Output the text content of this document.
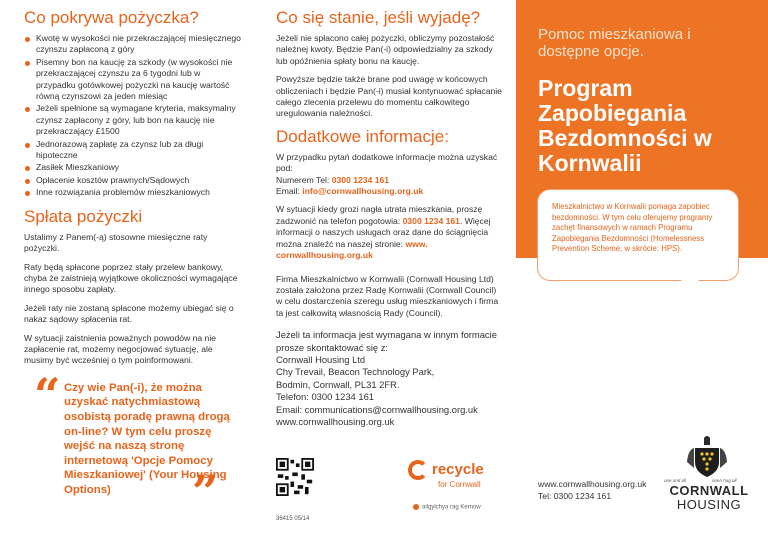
Co pokrywa pożyczka?
Kwotę w wysokości nie przekraczającej miesięcznego czynszu zapłaconą z góry
Pisemny bon na kaucję za szkody (w wysokości nie przekraczającej czynszu za 6 tygodni lub w przypadku gotówkowej pożyczki na kaucję wartość równą czynszowi za jeden miesiąc
Jeżeli spełnione są wymagane kryteria, maksymalny czynsz zapłacony z góry, lub bon na kaucję nie przekraczający £1500
Jednorazową zapłatę za czynsz lub za długi hipoteczne
Zasiłek Mieszkaniowy
Opłacenie kosztów prawnych/Sądowych
Inne rozwiązania problemów mieszkaniowych
Spłata pożyczki

Ustalimy z Panem(-ą) stosowne miesięczne raty pożyczki.

Raty będą spłacone poprzez stały przelew bankowy, chyba że zaistnieją wyjątkowe okoliczności wymagające innego sposobu zapłaty.

Jeżeli raty nie zostaną spłacone możemy ubiegać się o nakaz sądowy spłacenia rat.

W sytuacji zaistnienia poważnych powodów na nie zapłacenie rat, możemy negocjować sytuację, ale musimy być wcześniej o tym poinformowani.

“ Czy wie Pan(-i), że można uzyskać natychmiastową osobistą poradę prawną drogą on-line? W tym celu proszę wejść na naszą stronę internetową 'Opcje Pomocy Mieszkaniowej' (Your Housing Options)	”
Co się stanie, jeśli wyjadę?

Jeżeli nie spłacono całej pożyczki, obliczymy pozostałość należnej kwoty. Będzie Pan(-i) odpowiedzialny za szkody lub opóźnienia spłaty bonu na kaucję.

Powyższe będzie także brane pod uwagę w końcowych obliczeniach i będzie Pan(-i) musiał kontynuować spłacanie całego zlecenia przelewu do momentu całkowitego uregulowania należności.

Dodatkowe informacje:

W przypadku pytań dodatkowe informacje można uzyskać pod:
Numerem Tel: 0300 1234 161
Email: info@cornwallhousing.org.uk

W sytuacji kiedy grozi nagła utrata mieszkania, proszę zadzwonić na telefon pogotowia: 0300 1234 161. Więcej informacji o naszych usługach oraz dane do ściągnięcia można znaleźć na naszej stronie: www. cornwallhousing.org.uk

Firma Mieszkalnictwo w Kornwalii (Cornwall Housing Ltd) została założona przez Radę Kornwalii (Cornwall Council) w celu dostarczenia szeregu usług mieszkaniowych i firma ta jest całkowitą własnością Rady (Council).

Jeżeli ta informacja jest wymagana w innym formacie prosze skontaktować się z:
Cornwall Housing Ltd
Chy Trevail, Beacon Technology Park,
Bodmin, Cornwall, PL31 2FR.
Telefon: 0300 1234 161
Email: communications@cornwallhousing.org.uk
www.cornwallhousing.org.uk

recycle
for Cornwall
ailgylchya rag Kernow
36415 05/14
Pomoc mieszkaniowa i dostępne opcje.
Program Zapobiegania Bezdomności w Kornwalii

Mieszkalnictwo w Kornwalii pomaga zapobiec bezdomności. W tym celu oferujemy programy zachęt finansowych w ramach Programu Zapobiegania Bezdomności (Homelessness Prevention Scheme, w skrócie: HPS).

one and all	onen hag oll
CORNWALL
HOUSING
www.cornwallhousing.org.uk
Tel: 0300 1234 161
